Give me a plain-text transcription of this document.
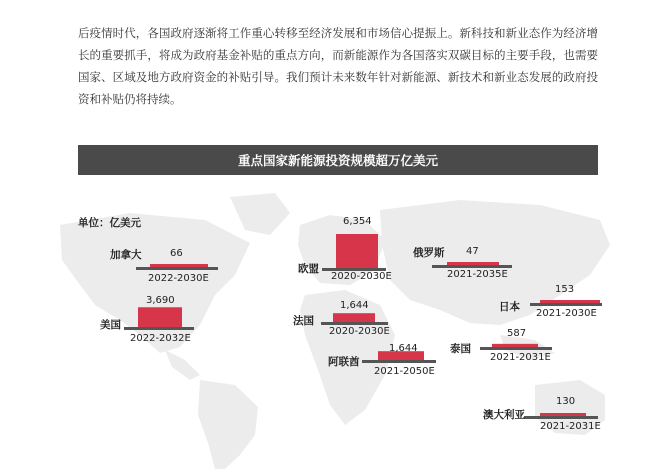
后疫情时代，各国政府逐渐将工作重心转移至经济发展和市场信心提振上。新科技和新业态作为经济增长的重要抓手，将成为政府基金补贴的重点方向，而新能源作为各国落实双碳目标的主要手段，也需要国家、区域及地方政府资金的补贴引导。我们预计未来数年针对新能源、新技术和新业态发展的政府投资和补贴仍将持续。

重点国家新能源投资规模超万亿美元
单位：亿美元
加拿大
美国
欧盟
法国
阿联酋
俄罗斯
日本
泰国
澳大利亚
66
3,690
6,354
1,644
1,644
47
153
587
130
2022-2030E
2022-2032E
2020-2030E
2020-2030E
2021-2050E
2021-2035E
2021-2030E
2021-2031E
2021-2031E
